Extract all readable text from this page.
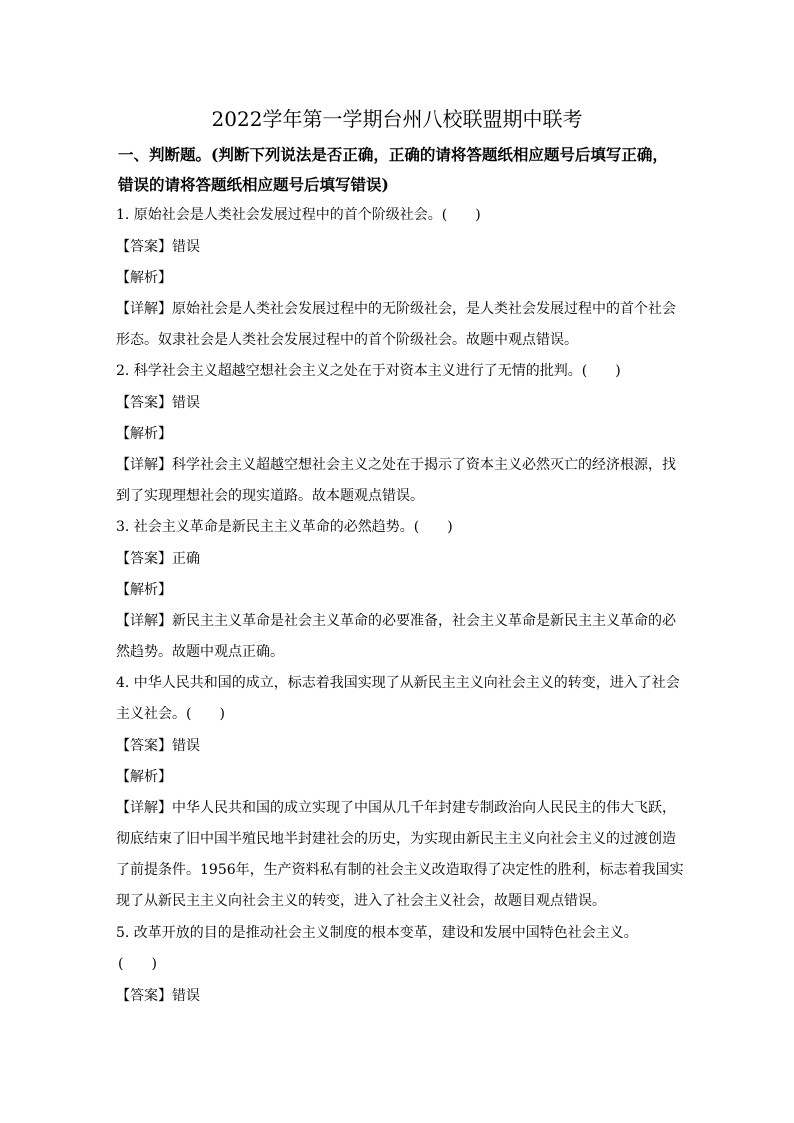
2022学年第一学期台州八校联盟期中联考
一、判断题。(判断下列说法是否正确，正确的请将答题纸相应题号后填写正确，
错误的请将答题纸相应题号后填写错误)
1. 原始社会是人类社会发展过程中的首个阶级社会。(　　)
【答案】错误
【解析】
【详解】原始社会是人类社会发展过程中的无阶级社会，是人类社会发展过程中的首个社会
形态。奴隶社会是人类社会发展过程中的首个阶级社会。故题中观点错误。
2. 科学社会主义超越空想社会主义之处在于对资本主义进行了无情的批判。(　　)
【答案】错误
【解析】
【详解】科学社会主义超越空想社会主义之处在于揭示了资本主义必然灭亡的经济根源，找
到了实现理想社会的现实道路。故本题观点错误。
3. 社会主义革命是新民主主义革命的必然趋势。(　　)
【答案】正确
【解析】
【详解】新民主主义革命是社会主义革命的必要准备，社会主义革命是新民主主义革命的必
然趋势。故题中观点正确。
4. 中华人民共和国的成立，标志着我国实现了从新民主主义向社会主义的转变，进入了社会
主义社会。(　　)
【答案】错误
【解析】
【详解】中华人民共和国的成立实现了中国从几千年封建专制政治向人民民主的伟大飞跃，
彻底结束了旧中国半殖民地半封建社会的历史，为实现由新民主主义向社会主义的过渡创造
了前提条件。1956年，生产资料私有制的社会主义改造取得了决定性的胜利，标志着我国实
现了从新民主主义向社会主义的转变，进入了社会主义社会，故题目观点错误。
5. 改革开放的目的是推动社会主义制度的根本变革，建设和发展中国特色社会主义。
(　　)
【答案】错误
